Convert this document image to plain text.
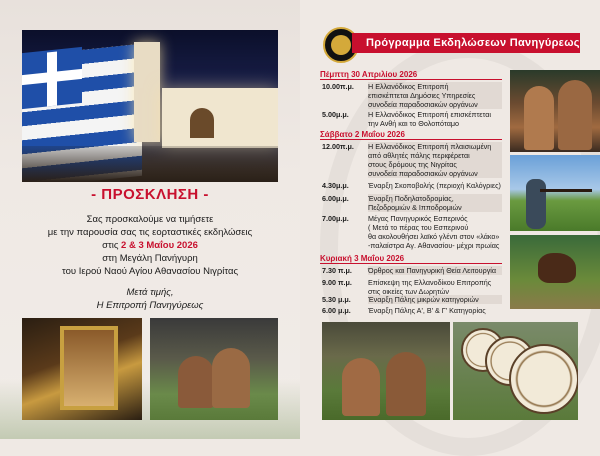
- ΠΡΟΣΚΛΗΣΗ -

Σας προσκαλούμε να τιμήσετε

με την παρουσία σας τις εορταστικές εκδηλώσεις

στις 2 & 3 Μαΐου 2026

στη Μεγάλη Πανήγυρη

του Ιερού Ναού Αγίου Αθανασίου Νιγρίτας

Μετά τιμής,

Η Επιτροπή Πανηγύρεως

Πρόγραμμα Εκδηλώσεων Πανηγύρεως
Πέμπτη 30 Απριλίου 2026
10.00π.μ.	Η Ελλανόδικος Επιτροπή
επισκέπτεται Δημόσιες Υπηρεσίες
συνοδεία παραδοσιακών οργάνων
5.00μ.μ.	Η Ελλανόδικος Επιτροπή επισκέπτεται
την Ανθή και το Θολοπόταμο
Σάββατο 2 Μαΐου 2026
12.00π.μ.	Η Ελλανόδικος Επιτροπή πλαισιωμένη
από αθλητές πάλης περιφέρεται
στους δρόμους της Νιγρίτας
συνοδεία παραδοσιακών οργάνων
4.30μ.μ.	Έναρξη Σκοποβολής (περιοχή Καλόγριες)
6.00μ.μ.	Έναρξη Ποδηλατοδρομίας,
Πεζοδρομιών & Ιπποδρομιών
7.00μ.μ.	Μέγας Πανηγυρικός Εσπερινός
( Μετά το πέρας του Εσπερινού
θα ακολουθήσει λαϊκό γλέντι στον «λάκο»
-παλαίστρα Αγ. Αθανασίου- μέχρι πρωίας
Κυριακή 3 Μαΐου 2026
7.30 π.μ.	Όρθρος και Πανηγυρική Θεία Λειτουργία
9.00 π.μ.	Επίσκεψη της Ελλανοδίκου Επιτροπής
στις οικείες των Δωρητών
5.30 μ.μ.	Έναρξη Πάλης μικρών κατηγοριών
6.00 μ.μ.	Έναρξη Πάλης Α', Β' & Γ' Κατηγορίας
